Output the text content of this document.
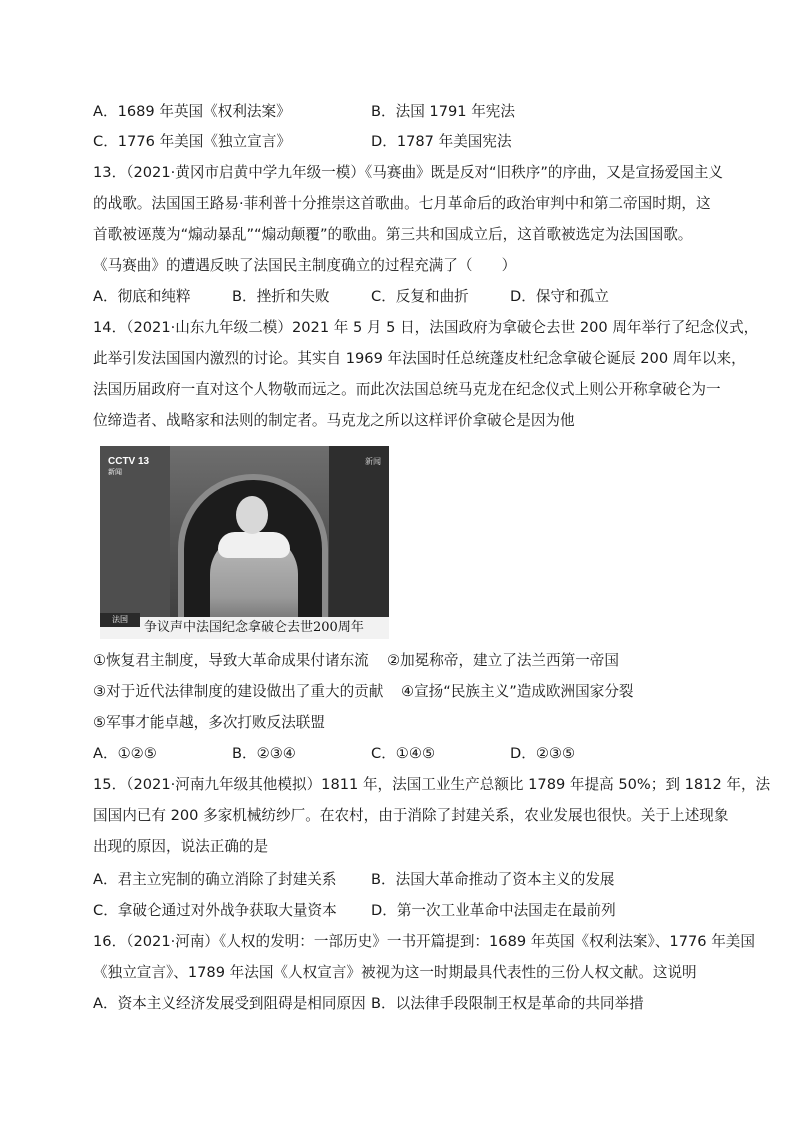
A．1689 年英国《权利法案》	B．法国 1791 年宪法
C．1776 年美国《独立宣言》	D．1787 年美国宪法
13．（2021·黄冈市启黄中学九年级一模）《马赛曲》既是反对“旧秩序”的序曲，又是宣扬爱国主义
的战歌。法国国王路易·菲利普十分推崇这首歌曲。七月革命后的政治审判中和第二帝国时期，这
首歌被诬蔑为“煽动暴乱”“煽动颠覆”的歌曲。第三共和国成立后，这首歌被选定为法国国歌。
《马赛曲》的遭遇反映了法国民主制度确立的过程充满了（　　）
A．彻底和纯粹	B．挫折和失败	C．反复和曲折	D．保守和孤立
14．（2021·山东九年级二模）2021 年 5 月 5 日，法国政府为拿破仑去世 200 周年举行了纪念仪式，
此举引发法国国内激烈的讨论。其实自 1969 年法国时任总统蓬皮杜纪念拿破仑诞辰 200 周年以来，
法国历届政府一直对这个人物敬而远之。而此次法国总统马克龙在纪念仪式上则公开称拿破仑为一
位缔造者、战略家和法则的制定者。马克龙之所以这样评价拿破仑是因为他
CCTV 13
新闻
新闻
法国
争议声中法国纪念拿破仑去世200周年
①恢复君主制度，导致大革命成果付诸东流 ②加冕称帝，建立了法兰西第一帝国
③对于近代法律制度的建设做出了重大的贡献 ④宣扬“民族主义”造成欧洲国家分裂
⑤军事才能卓越，多次打败反法联盟
A．①②⑤	B．②③④	C．①④⑤	D．②③⑤
15．（2021·河南九年级其他模拟）1811 年，法国工业生产总额比 1789 年提高 50%；到 1812 年，法
国国内已有 200 多家机械纺纱厂。在农村，由于消除了封建关系，农业发展也很快。关于上述现象
出现的原因，说法正确的是
A．君主立宪制的确立消除了封建关系 B．法国大革命推动了资本主义的发展
C．拿破仑通过对外战争获取大量资本 D．第一次工业革命中法国走在最前列
16．（2021·河南）《人权的发明：一部历史》一书开篇提到：1689 年英国《权利法案》、1776 年美国
《独立宣言》、1789 年法国《人权宣言》被视为这一时期最具代表性的三份人权文献。这说明
A．资本主义经济发展受到阻碍是相同原因 B．以法律手段限制王权是革命的共同举措
